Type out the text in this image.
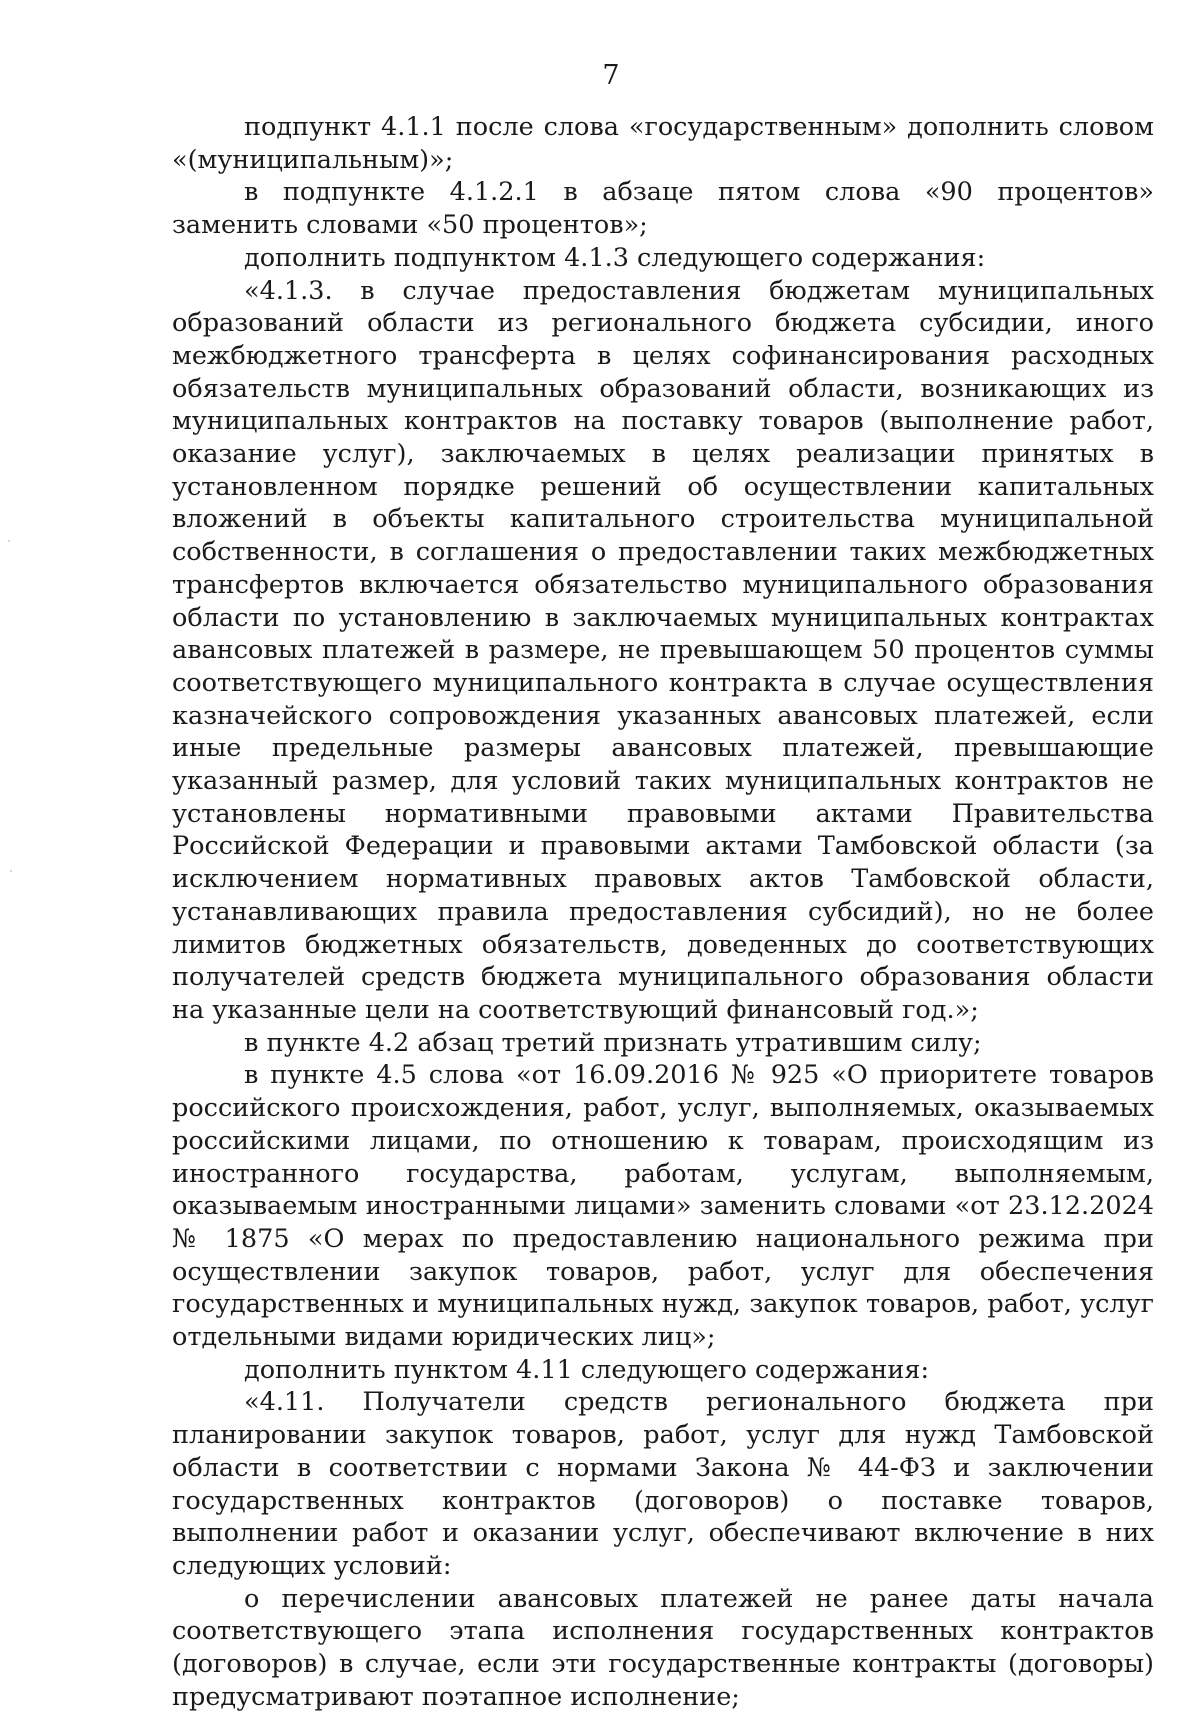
7

подпункт 4.1.1 после слова «государственным» дополнить словом «(муниципальным)»;

в подпункте 4.1.2.1 в абзаце пятом слова «90 процентов» заменить словами «50 процентов»;

дополнить подпунктом 4.1.3 следующего содержания:

«4.1.3. в случае предоставления бюджетам муниципальных образований области из регионального бюджета субсидии, иного межбюджетного трансферта в целях софинансирования расходных обязательств муниципальных образований области, возникающих из муниципальных контрактов на поставку товаров (выполнение работ, оказание услуг), заключаемых в целях реализации принятых в установленном порядке решений об осуществлении капитальных вложений в объекты капитального строительства муниципальной собственности, в соглашения о предоставлении таких межбюджетных трансфертов включается обязательство муниципального образования области по установлению в заключаемых муниципальных контрактах авансовых платежей в размере, не превышающем 50 процентов суммы соответствующего муниципального контракта в случае осуществления казначейского сопровождения указанных авансовых платежей, если иные предельные размеры авансовых платежей, превышающие указанный размер, для условий таких муниципальных контрактов не установлены нормативными правовыми актами Правительства Российской Федерации и правовыми актами Тамбовской области (за исключением нормативных правовых актов Тамбовской области, устанавливающих правила предоставления субсидий), но не более лимитов бюджетных обязательств, доведенных до соответствующих получателей средств бюджета муниципального образования области на указанные цели на соответствующий финансовый год.»;

в пункте 4.2 абзац третий признать утратившим силу;

в пункте 4.5 слова «от 16.09.2016 № 925 «О приоритете товаров российского происхождения, работ, услуг, выполняемых, оказываемых российскими лицами, по отношению к товарам, происходящим из иностранного государства, работам, услугам, выполняемым, оказываемым иностранными лицами» заменить словами «от 23.12.2024 № 1875 «О мерах по предоставлению национального режима при осуществлении закупок товаров, работ, услуг для обеспечения государственных и муниципальных нужд, закупок товаров, работ, услуг отдельными видами юридических лиц»;

дополнить пунктом 4.11 следующего содержания:

«4.11. Получатели средств регионального бюджета при планировании закупок товаров, работ, услуг для нужд Тамбовской области в соответствии с нормами Закона № 44-ФЗ и заключении государственных контрактов (договоров) о поставке товаров, выполнении работ и оказании услуг, обеспечивают включение в них следующих условий:

о перечислении авансовых платежей не ранее даты начала соответствующего этапа исполнения государственных контрактов (договоров) в случае, если эти государственные контракты (договоры) предусматривают поэтапное исполнение;
